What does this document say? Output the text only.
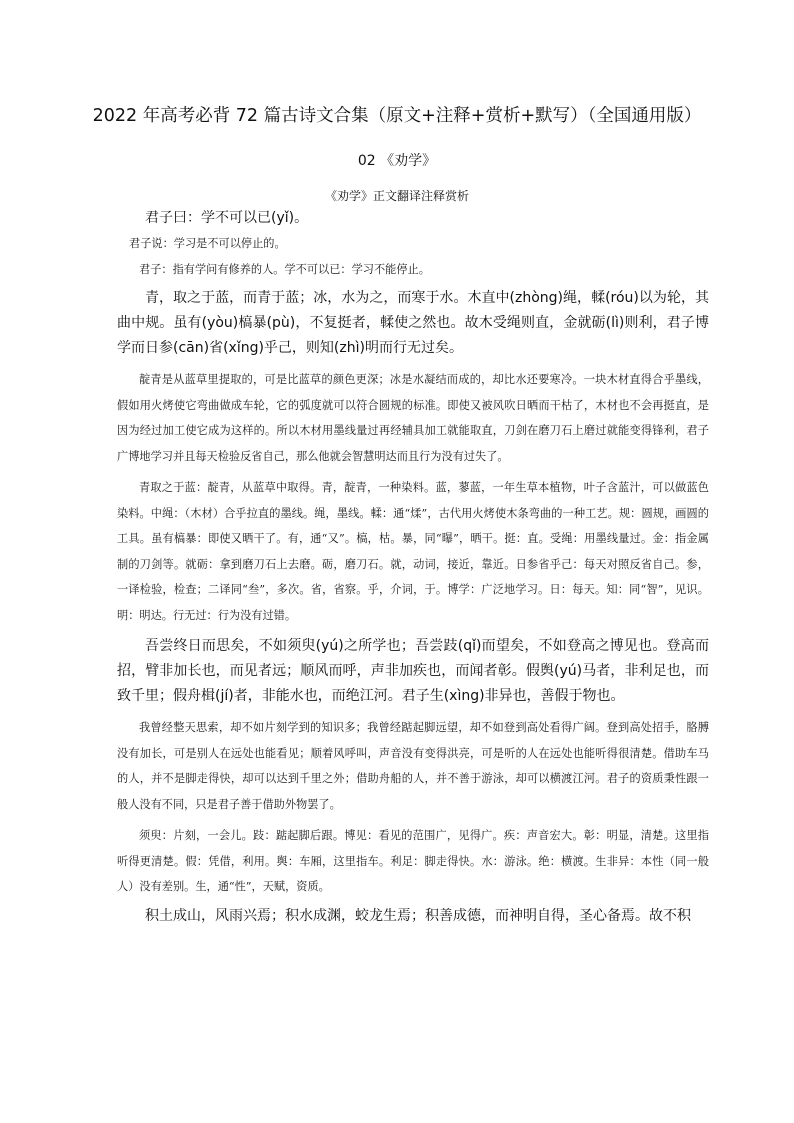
2022 年高考必背 72 篇古诗文合集（原文+注释+赏析+默写）（全国通用版）
02 《劝学》
《劝学》正文翻译注释赏析

君子曰：学不可以已(yǐ)。

君子说：学习是不可以停止的。

君子：指有学问有修养的人。学不可以已：学习不能停止。

青，取之于蓝，而青于蓝；冰，水为之，而寒于水。木直中(zhòng)绳，輮(róu)以为轮，其曲中规。虽有(yòu)槁暴(pù)，不复挺者，輮使之然也。故木受绳则直，金就砺(lì)则利，君子博学而日参(cān)省(xǐng)乎己，则知(zhì)明而行无过矣。

靛青是从蓝草里提取的，可是比蓝草的颜色更深；冰是水凝结而成的，却比水还要寒冷。一块木材直得合乎墨线，假如用火烤使它弯曲做成车轮，它的弧度就可以符合圆规的标准。即使又被风吹日晒而干枯了，木材也不会再挺直，是因为经过加工使它成为这样的。所以木材用墨线量过再经辅具加工就能取直，刀剑在磨刀石上磨过就能变得锋利，君子广博地学习并且每天检验反省自己，那么他就会智慧明达而且行为没有过失了。

青取之于蓝：靛青，从蓝草中取得。青，靛青，一种染料。蓝，蓼蓝，一年生草本植物，叶子含蓝汁，可以做蓝色染料。中绳：（木材）合乎拉直的墨线。绳，墨线。輮：通“煣”，古代用火烤使木条弯曲的一种工艺。规：圆规，画圆的工具。虽有槁暴：即使又晒干了。有，通“又”。槁，枯。暴，同“曝”，晒干。挺：直。受绳：用墨线量过。金：指金属制的刀剑等。就砺：拿到磨刀石上去磨。砺，磨刀石。就，动词，接近，靠近。日参省乎己：每天对照反省自己。参，一译检验，检查；二译同“叁”，多次。省，省察。乎，介词，于。博学：广泛地学习。日：每天。知：同“智”，见识。明：明达。行无过：行为没有过错。

吾尝终日而思矣，不如须臾(yú)之所学也；吾尝跂(qǐ)而望矣，不如登高之博见也。登高而招，臂非加长也，而见者远；顺风而呼，声非加疾也，而闻者彰。假舆(yú)马者，非利足也，而致千里；假舟楫(jí)者，非能水也，而绝江河。君子生(xìng)非异也，善假于物也。

我曾经整天思索，却不如片刻学到的知识多；我曾经踮起脚远望，却不如登到高处看得广阔。登到高处招手，胳膊没有加长，可是别人在远处也能看见；顺着风呼叫，声音没有变得洪亮，可是听的人在远处也能听得很清楚。借助车马的人，并不是脚走得快，却可以达到千里之外；借助舟船的人，并不善于游泳，却可以横渡江河。君子的资质秉性跟一般人没有不同，只是君子善于借助外物罢了。

须臾：片刻，一会儿。跂：踮起脚后跟。博见：看见的范围广，见得广。疾：声音宏大。彰：明显，清楚。这里指听得更清楚。假：凭借，利用。舆：车厢，这里指车。利足：脚走得快。水：游泳。绝：横渡。生非异：本性（同一般人）没有差别。生，通“性”，天赋，资质。

积土成山，风雨兴焉；积水成渊，蛟龙生焉；积善成德，而神明自得，圣心备焉。故不积
